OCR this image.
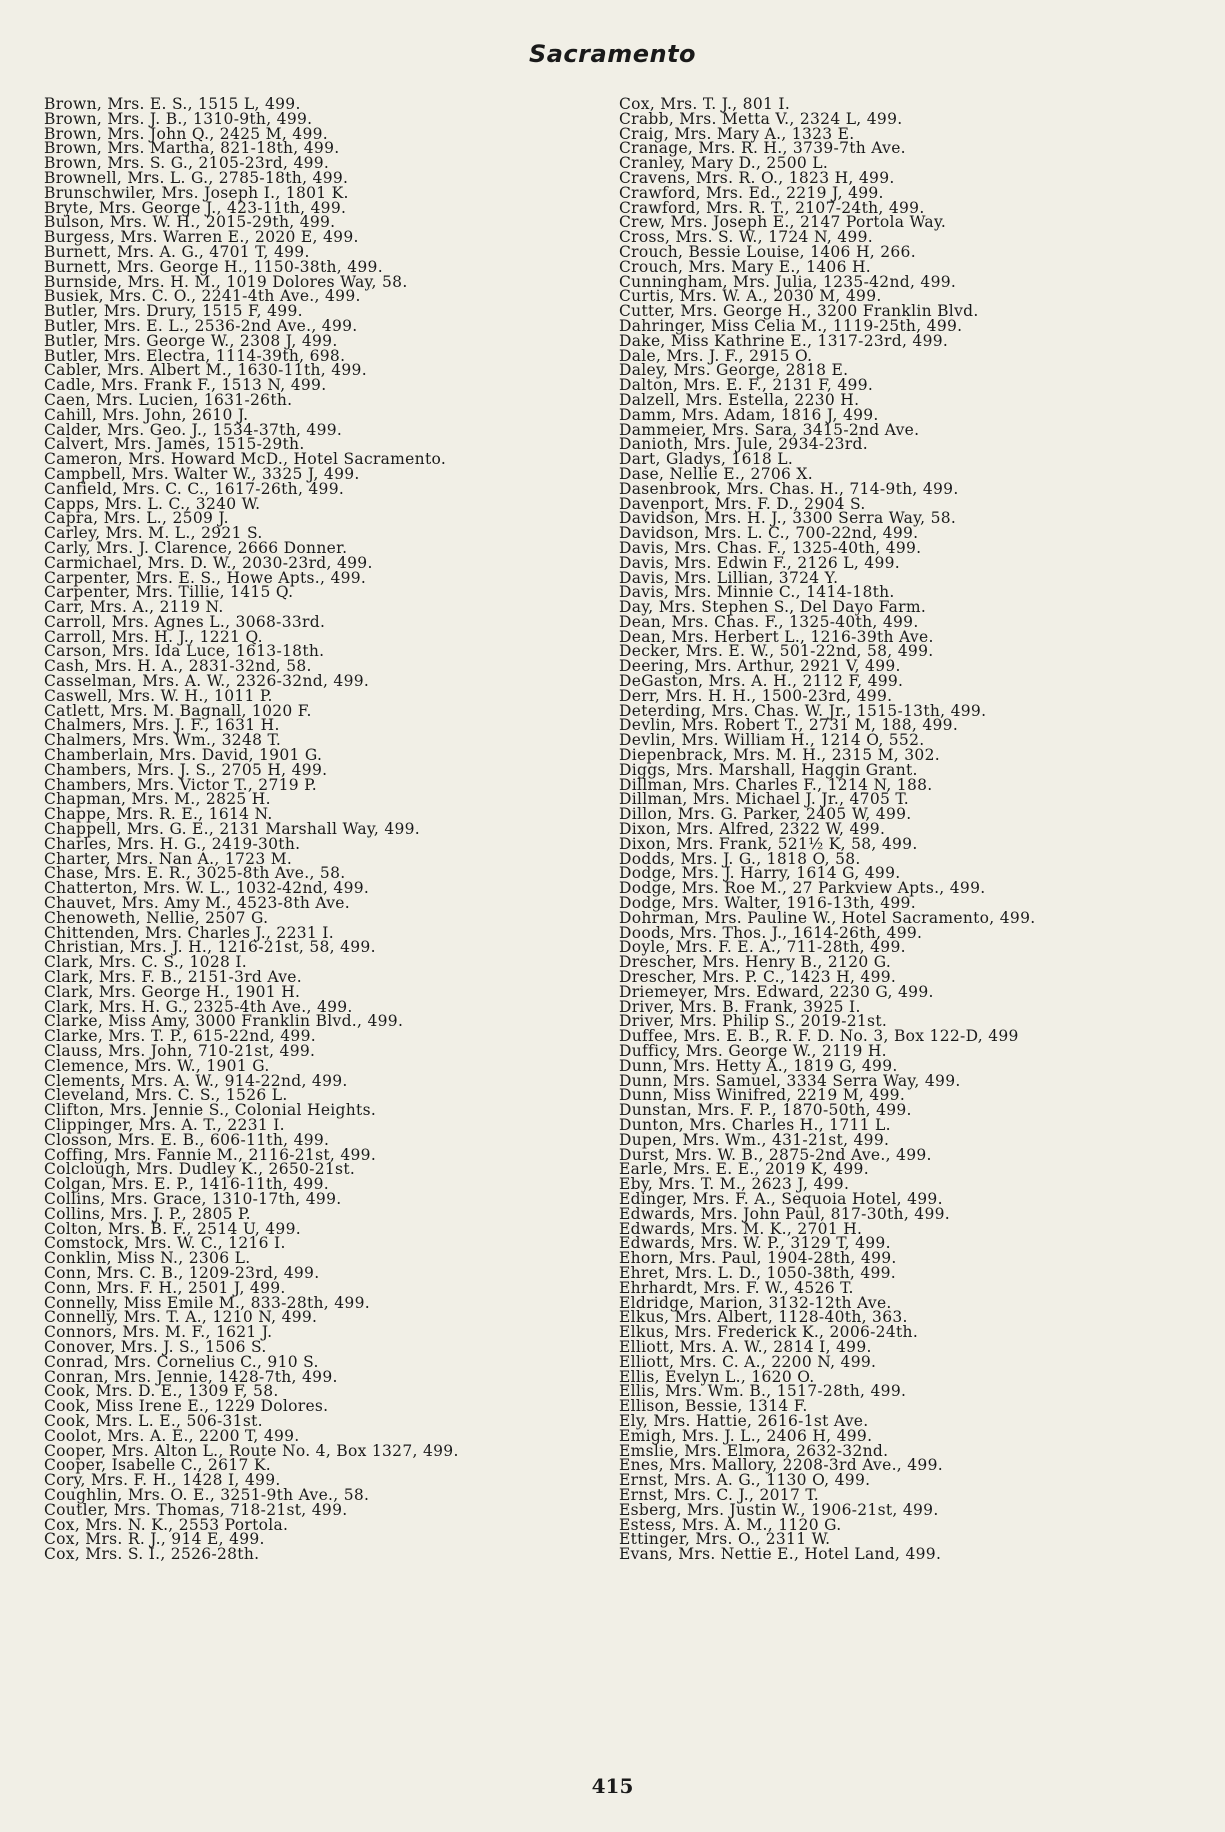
Sacramento
Brown, Mrs. E. S., 1515 L, 499.
Brown, Mrs. J. B., 1310-9th, 499.
Brown, Mrs. John Q., 2425 M, 499.
Brown, Mrs. Martha, 821-18th, 499.
Brown, Mrs. S. G., 2105-23rd, 499.
Brownell, Mrs. L. G., 2785-18th, 499.
Brunschwiler, Mrs. Joseph I., 1801 K.
Bryte, Mrs. George J., 423-11th, 499.
Bulson, Mrs. W. H., 2015-29th, 499.
Burgess, Mrs. Warren E., 2020 E, 499.
Burnett, Mrs. A. G., 4701 T, 499.
Burnett, Mrs. George H., 1150-38th, 499.
Burnside, Mrs. H. M., 1019 Dolores Way, 58.
Busiek, Mrs. C. O., 2241-4th Ave., 499.
Butler, Mrs. Drury, 1515 F, 499.
Butler, Mrs. E. L., 2536-2nd Ave., 499.
Butler, Mrs. George W., 2308 J, 499.
Butler, Mrs. Electra, 1114-39th, 698.
Cabler, Mrs. Albert M., 1630-11th, 499.
Cadle, Mrs. Frank F., 1513 N, 499.
Caen, Mrs. Lucien, 1631-26th.
Cahill, Mrs. John, 2610 J.
Calder, Mrs. Geo. J., 1534-37th, 499.
Calvert, Mrs. James, 1515-29th.
Cameron, Mrs. Howard McD., Hotel Sacramento.
Campbell, Mrs. Walter W., 3325 J, 499.
Canfield, Mrs. C. C., 1617-26th, 499.
Capps, Mrs. L. C., 3240 W.
Capra, Mrs. L., 2509 J.
Carley, Mrs. M. L., 2921 S.
Carly, Mrs. J. Clarence, 2666 Donner.
Carmichael, Mrs. D. W., 2030-23rd, 499.
Carpenter, Mrs. E. S., Howe Apts., 499.
Carpenter, Mrs. Tillie, 1415 Q.
Carr, Mrs. A., 2119 N.
Carroll, Mrs. Agnes L., 3068-33rd.
Carroll, Mrs. H. J., 1221 Q.
Carson, Mrs. Ida Luce, 1613-18th.
Cash, Mrs. H. A., 2831-32nd, 58.
Casselman, Mrs. A. W., 2326-32nd, 499.
Caswell, Mrs. W. H., 1011 P.
Catlett, Mrs. M. Bagnall, 1020 F.
Chalmers, Mrs. J. F., 1631 H.
Chalmers, Mrs. Wm., 3248 T.
Chamberlain, Mrs. David, 1901 G.
Chambers, Mrs. J. S., 2705 H, 499.
Chambers, Mrs. Victor T., 2719 P.
Chapman, Mrs. M., 2825 H.
Chappe, Mrs. R. E., 1614 N.
Chappell, Mrs. G. E., 2131 Marshall Way, 499.
Charles, Mrs. H. G., 2419-30th.
Charter, Mrs. Nan A., 1723 M.
Chase, Mrs. E. R., 3025-8th Ave., 58.
Chatterton, Mrs. W. L., 1032-42nd, 499.
Chauvet, Mrs. Amy M., 4523-8th Ave.
Chenoweth, Nellie, 2507 G.
Chittenden, Mrs. Charles J., 2231 I.
Christian, Mrs. J. H., 1216-21st, 58, 499.
Clark, Mrs. C. S., 1028 I.
Clark, Mrs. F. B., 2151-3rd Ave.
Clark, Mrs. George H., 1901 H.
Clark, Mrs. H. G., 2325-4th Ave., 499.
Clarke, Miss Amy, 3000 Franklin Blvd., 499.
Clarke, Mrs. T. P., 615-22nd, 499.
Clauss, Mrs. John, 710-21st, 499.
Clemence, Mrs. W., 1901 G.
Clements, Mrs. A. W., 914-22nd, 499.
Cleveland, Mrs. C. S., 1526 L.
Clifton, Mrs. Jennie S., Colonial Heights.
Clippinger, Mrs. A. T., 2231 I.
Closson, Mrs. E. B., 606-11th, 499.
Coffing, Mrs. Fannie M., 2116-21st, 499.
Colclough, Mrs. Dudley K., 2650-21st.
Colgan, Mrs. E. P., 1416-11th, 499.
Collins, Mrs. Grace, 1310-17th, 499.
Collins, Mrs. J. P., 2805 P.
Colton, Mrs. B. F., 2514 U, 499.
Comstock, Mrs. W. C., 1216 I.
Conklin, Miss N., 2306 L.
Conn, Mrs. C. B., 1209-23rd, 499.
Conn, Mrs. F. H., 2501 J, 499.
Connelly, Miss Emile M., 833-28th, 499.
Connelly, Mrs. T. A., 1210 N, 499.
Connors, Mrs. M. F., 1621 J.
Conover, Mrs. J. S., 1506 S.
Conrad, Mrs. Cornelius C., 910 S.
Conran, Mrs. Jennie, 1428-7th, 499.
Cook, Mrs. D. E., 1309 F, 58.
Cook, Miss Irene E., 1229 Dolores.
Cook, Mrs. L. E., 506-31st.
Coolot, Mrs. A. E., 2200 T, 499.
Cooper, Mrs. Alton L., Route No. 4, Box 1327, 499.
Cooper, Isabelle C., 2617 K.
Cory, Mrs. F. H., 1428 I, 499.
Coughlin, Mrs. O. E., 3251-9th Ave., 58.
Coutler, Mrs. Thomas, 718-21st, 499.
Cox, Mrs. N. K., 2553 Portola.
Cox, Mrs. R. J., 914 E, 499.
Cox, Mrs. S. I., 2526-28th.
Cox, Mrs. T. J., 801 I.
Crabb, Mrs. Metta V., 2324 L, 499.
Craig, Mrs. Mary A., 1323 E.
Cranage, Mrs. R. H., 3739-7th Ave.
Cranley, Mary D., 2500 L.
Cravens, Mrs. R. O., 1823 H, 499.
Crawford, Mrs. Ed., 2219 J, 499.
Crawford, Mrs. R. T., 2107-24th, 499.
Crew, Mrs. Joseph E., 2147 Portola Way.
Cross, Mrs. S. W., 1724 N, 499.
Crouch, Bessie Louise, 1406 H, 266.
Crouch, Mrs. Mary E., 1406 H.
Cunningham, Mrs. Julia, 1235-42nd, 499.
Curtis, Mrs. W. A., 2030 M, 499.
Cutter, Mrs. George H., 3200 Franklin Blvd.
Dahringer, Miss Celia M., 1119-25th, 499.
Dake, Miss Kathrine E., 1317-23rd, 499.
Dale, Mrs. J. F., 2915 O.
Daley, Mrs. George, 2818 E.
Dalton, Mrs. E. F., 2131 F, 499.
Dalzell, Mrs. Estella, 2230 H.
Damm, Mrs. Adam, 1816 J, 499.
Dammeier, Mrs. Sara, 3415-2nd Ave.
Danioth, Mrs. Jule, 2934-23rd.
Dart, Gladys, 1618 L.
Dase, Nellie E., 2706 X.
Dasenbrook, Mrs. Chas. H., 714-9th, 499.
Davenport, Mrs. F. D., 2904 S.
Davidson, Mrs. H. J., 3300 Serra Way, 58.
Davidson, Mrs. L. C., 700-22nd, 499.
Davis, Mrs. Chas. F., 1325-40th, 499.
Davis, Mrs. Edwin F., 2126 L, 499.
Davis, Mrs. Lillian, 3724 Y.
Davis, Mrs. Minnie C., 1414-18th.
Day, Mrs. Stephen S., Del Dayo Farm.
Dean, Mrs. Chas. F., 1325-40th, 499.
Dean, Mrs. Herbert L., 1216-39th Ave.
Decker, Mrs. E. W., 501-22nd, 58, 499.
Deering, Mrs. Arthur, 2921 V, 499.
DeGaston, Mrs. A. H., 2112 F, 499.
Derr, Mrs. H. H., 1500-23rd, 499.
Deterding, Mrs. Chas. W. Jr., 1515-13th, 499.
Devlin, Mrs. Robert T., 2731 M, 188, 499.
Devlin, Mrs. William H., 1214 O, 552.
Diepenbrack, Mrs. M. H., 2315 M, 302.
Diggs, Mrs. Marshall, Haggin Grant.
Dillman, Mrs. Charles F., 1214 N, 188.
Dillman, Mrs. Michael J. Jr., 4705 T.
Dillon, Mrs. G. Parker, 2405 W, 499.
Dixon, Mrs. Alfred, 2322 W, 499.
Dixon, Mrs. Frank, 521½ K, 58, 499.
Dodds, Mrs. J. G., 1818 O, 58.
Dodge, Mrs. J. Harry, 1614 G, 499.
Dodge, Mrs. Roe M., 27 Parkview Apts., 499.
Dodge, Mrs. Walter, 1916-13th, 499.
Dohrman, Mrs. Pauline W., Hotel Sacramento, 499.
Doods, Mrs. Thos. J., 1614-26th, 499.
Doyle, Mrs. F. E. A., 711-28th, 499.
Drescher, Mrs. Henry B., 2120 G.
Drescher, Mrs. P. C., 1423 H, 499.
Driemeyer, Mrs. Edward, 2230 G, 499.
Driver, Mrs. B. Frank, 3925 I.
Driver, Mrs. Philip S., 2019-21st.
Duffee, Mrs. E. B., R. F. D. No. 3, Box 122-D, 499
Dufficy, Mrs. George W., 2119 H.
Dunn, Mrs. Hetty A., 1819 G, 499.
Dunn, Mrs. Samuel, 3334 Serra Way, 499.
Dunn, Miss Winifred, 2219 M, 499.
Dunstan, Mrs. F. P., 1870-50th, 499.
Dunton, Mrs. Charles H., 1711 L.
Dupen, Mrs. Wm., 431-21st, 499.
Durst, Mrs. W. B., 2875-2nd Ave., 499.
Earle, Mrs. E. E., 2019 K, 499.
Eby, Mrs. T. M., 2623 J, 499.
Edinger, Mrs. F. A., Sequoia Hotel, 499.
Edwards, Mrs. John Paul, 817-30th, 499.
Edwards, Mrs. M. K., 2701 H.
Edwards, Mrs. W. P., 3129 T, 499.
Ehorn, Mrs. Paul, 1904-28th, 499.
Ehret, Mrs. L. D., 1050-38th, 499.
Ehrhardt, Mrs. F. W., 4526 T.
Eldridge, Marion, 3132-12th Ave.
Elkus, Mrs. Albert, 1128-40th, 363.
Elkus, Mrs. Frederick K., 2006-24th.
Elliott, Mrs. A. W., 2814 I, 499.
Elliott, Mrs. C. A., 2200 N, 499.
Ellis, Evelyn L., 1620 O.
Ellis, Mrs. Wm. B., 1517-28th, 499.
Ellison, Bessie, 1314 F.
Ely, Mrs. Hattie, 2616-1st Ave.
Emigh, Mrs. J. L., 2406 H, 499.
Emslie, Mrs. Elmora, 2632-32nd.
Enes, Mrs. Mallory, 2208-3rd Ave., 499.
Ernst, Mrs. A. G., 1130 O, 499.
Ernst, Mrs. C. J., 2017 T.
Esberg, Mrs. Justin W., 1906-21st, 499.
Estess, Mrs. A. M., 1120 G.
Ettinger, Mrs. O., 2311 W.
Evans, Mrs. Nettie E., Hotel Land, 499.
415
